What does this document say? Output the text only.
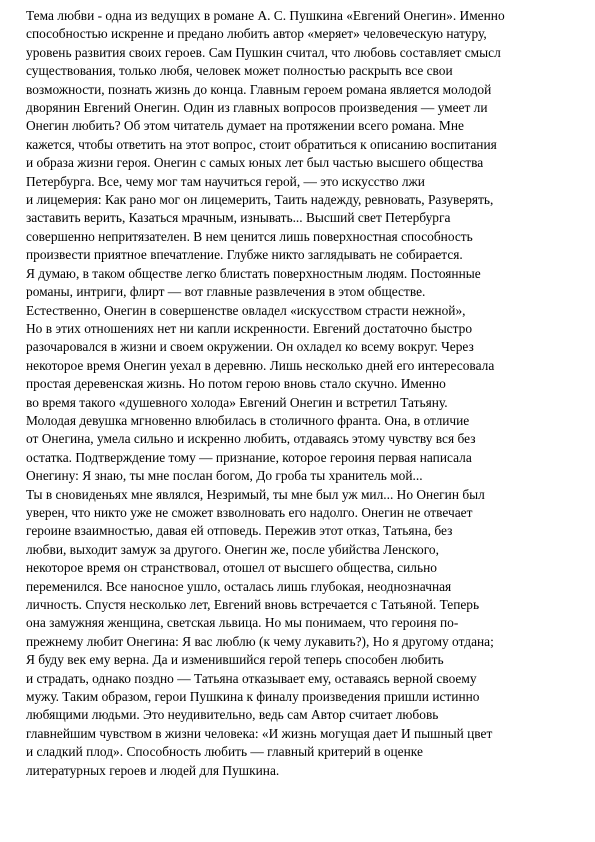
Тема любви - одна из ведущих в романе А. С. Пушкина «Евгений Онегин». Именно
способностью искренне и предано любить автор «меряет» человеческую натуру,
уровень развития своих героев. Сам Пушкин считал, что любовь составляет смысл
существования, только любя, человек может полностью раскрыть все свои
возможности, познать жизнь до конца. Главным героем романа является молодой
дворянин Евгений Онегин. Один из главных вопросов произведения — умеет ли
Онегин любить? Об этом читатель думает на протяжении всего романа. Мне
кажется, чтобы ответить на этот вопрос, стоит обратиться к описанию воспитания
и образа жизни героя. Онегин с самых юных лет был частью высшего общества
Петербурга. Все, чему мог там научиться герой, — это искусство лжи
и лицемерия: Как рано мог он лицемерить, Таить надежду, ревновать, Разуверять,
заставить верить, Казаться мрачным, изнывать... Высший свет Петербурга
совершенно непритязателен. В нем ценится лишь поверхностная способность
произвести приятное впечатление. Глубже никто заглядывать не собирается.
Я думаю, в таком обществе легко блистать поверхностным людям. Постоянные
романы, интриги, флирт — вот главные развлечения в этом обществе.
Естественно, Онегин в совершенстве овладел «искусством страсти нежной»,
Но в этих отношениях нет ни капли искренности. Евгений достаточно быстро
разочаровался в жизни и своем окружении. Он охладел ко всему вокруг. Через
некоторое время Онегин уехал в деревню. Лишь несколько дней его интересовала
простая деревенская жизнь. Но потом герою вновь стало скучно. Именно
во время такого «душевного холода» Евгений Онегин и встретил Татьяну.
Молодая девушка мгновенно влюбилась в столичного франта. Она, в отличие
от Онегина, умела сильно и искренно любить, отдаваясь этому чувству вся без
остатка. Подтверждение тому — признание, которое героиня первая написала
Онегину: Я знаю, ты мне послан богом, До гроба ты хранитель мой...
Ты в сновиденьях мне являлся, Незримый, ты мне был уж мил... Но Онегин был
уверен, что никто уже не сможет взволновать его надолго. Онегин не отвечает
героине взаимностью, давая ей отповедь. Пережив этот отказ, Татьяна, без
любви, выходит замуж за другого. Онегин же, после убийства Ленского,
некоторое время он странствовал, отошел от высшего общества, сильно
переменился. Все наносное ушло, осталась лишь глубокая, неоднозначная
личность. Спустя несколько лет, Евгений вновь встречается с Татьяной. Теперь
она замужняя женщина, светская львица. Но мы понимаем, что героиня по-
прежнему любит Онегина: Я вас люблю (к чему лукавить?), Но я другому отдана;
Я буду век ему верна. Да и изменившийся герой теперь способен любить
и страдать, однако поздно — Татьяна отказывает ему, оставаясь верной своему
мужу. Таким образом, герои Пушкина к финалу произведения пришли истинно
любящими людьми. Это неудивительно, ведь сам Автор считает любовь
главнейшим чувством в жизни человека: «И жизнь могущая дает И пышный цвет
и сладкий плод». Способность любить — главный критерий в оценке
литературных героев и людей для Пушкина.
